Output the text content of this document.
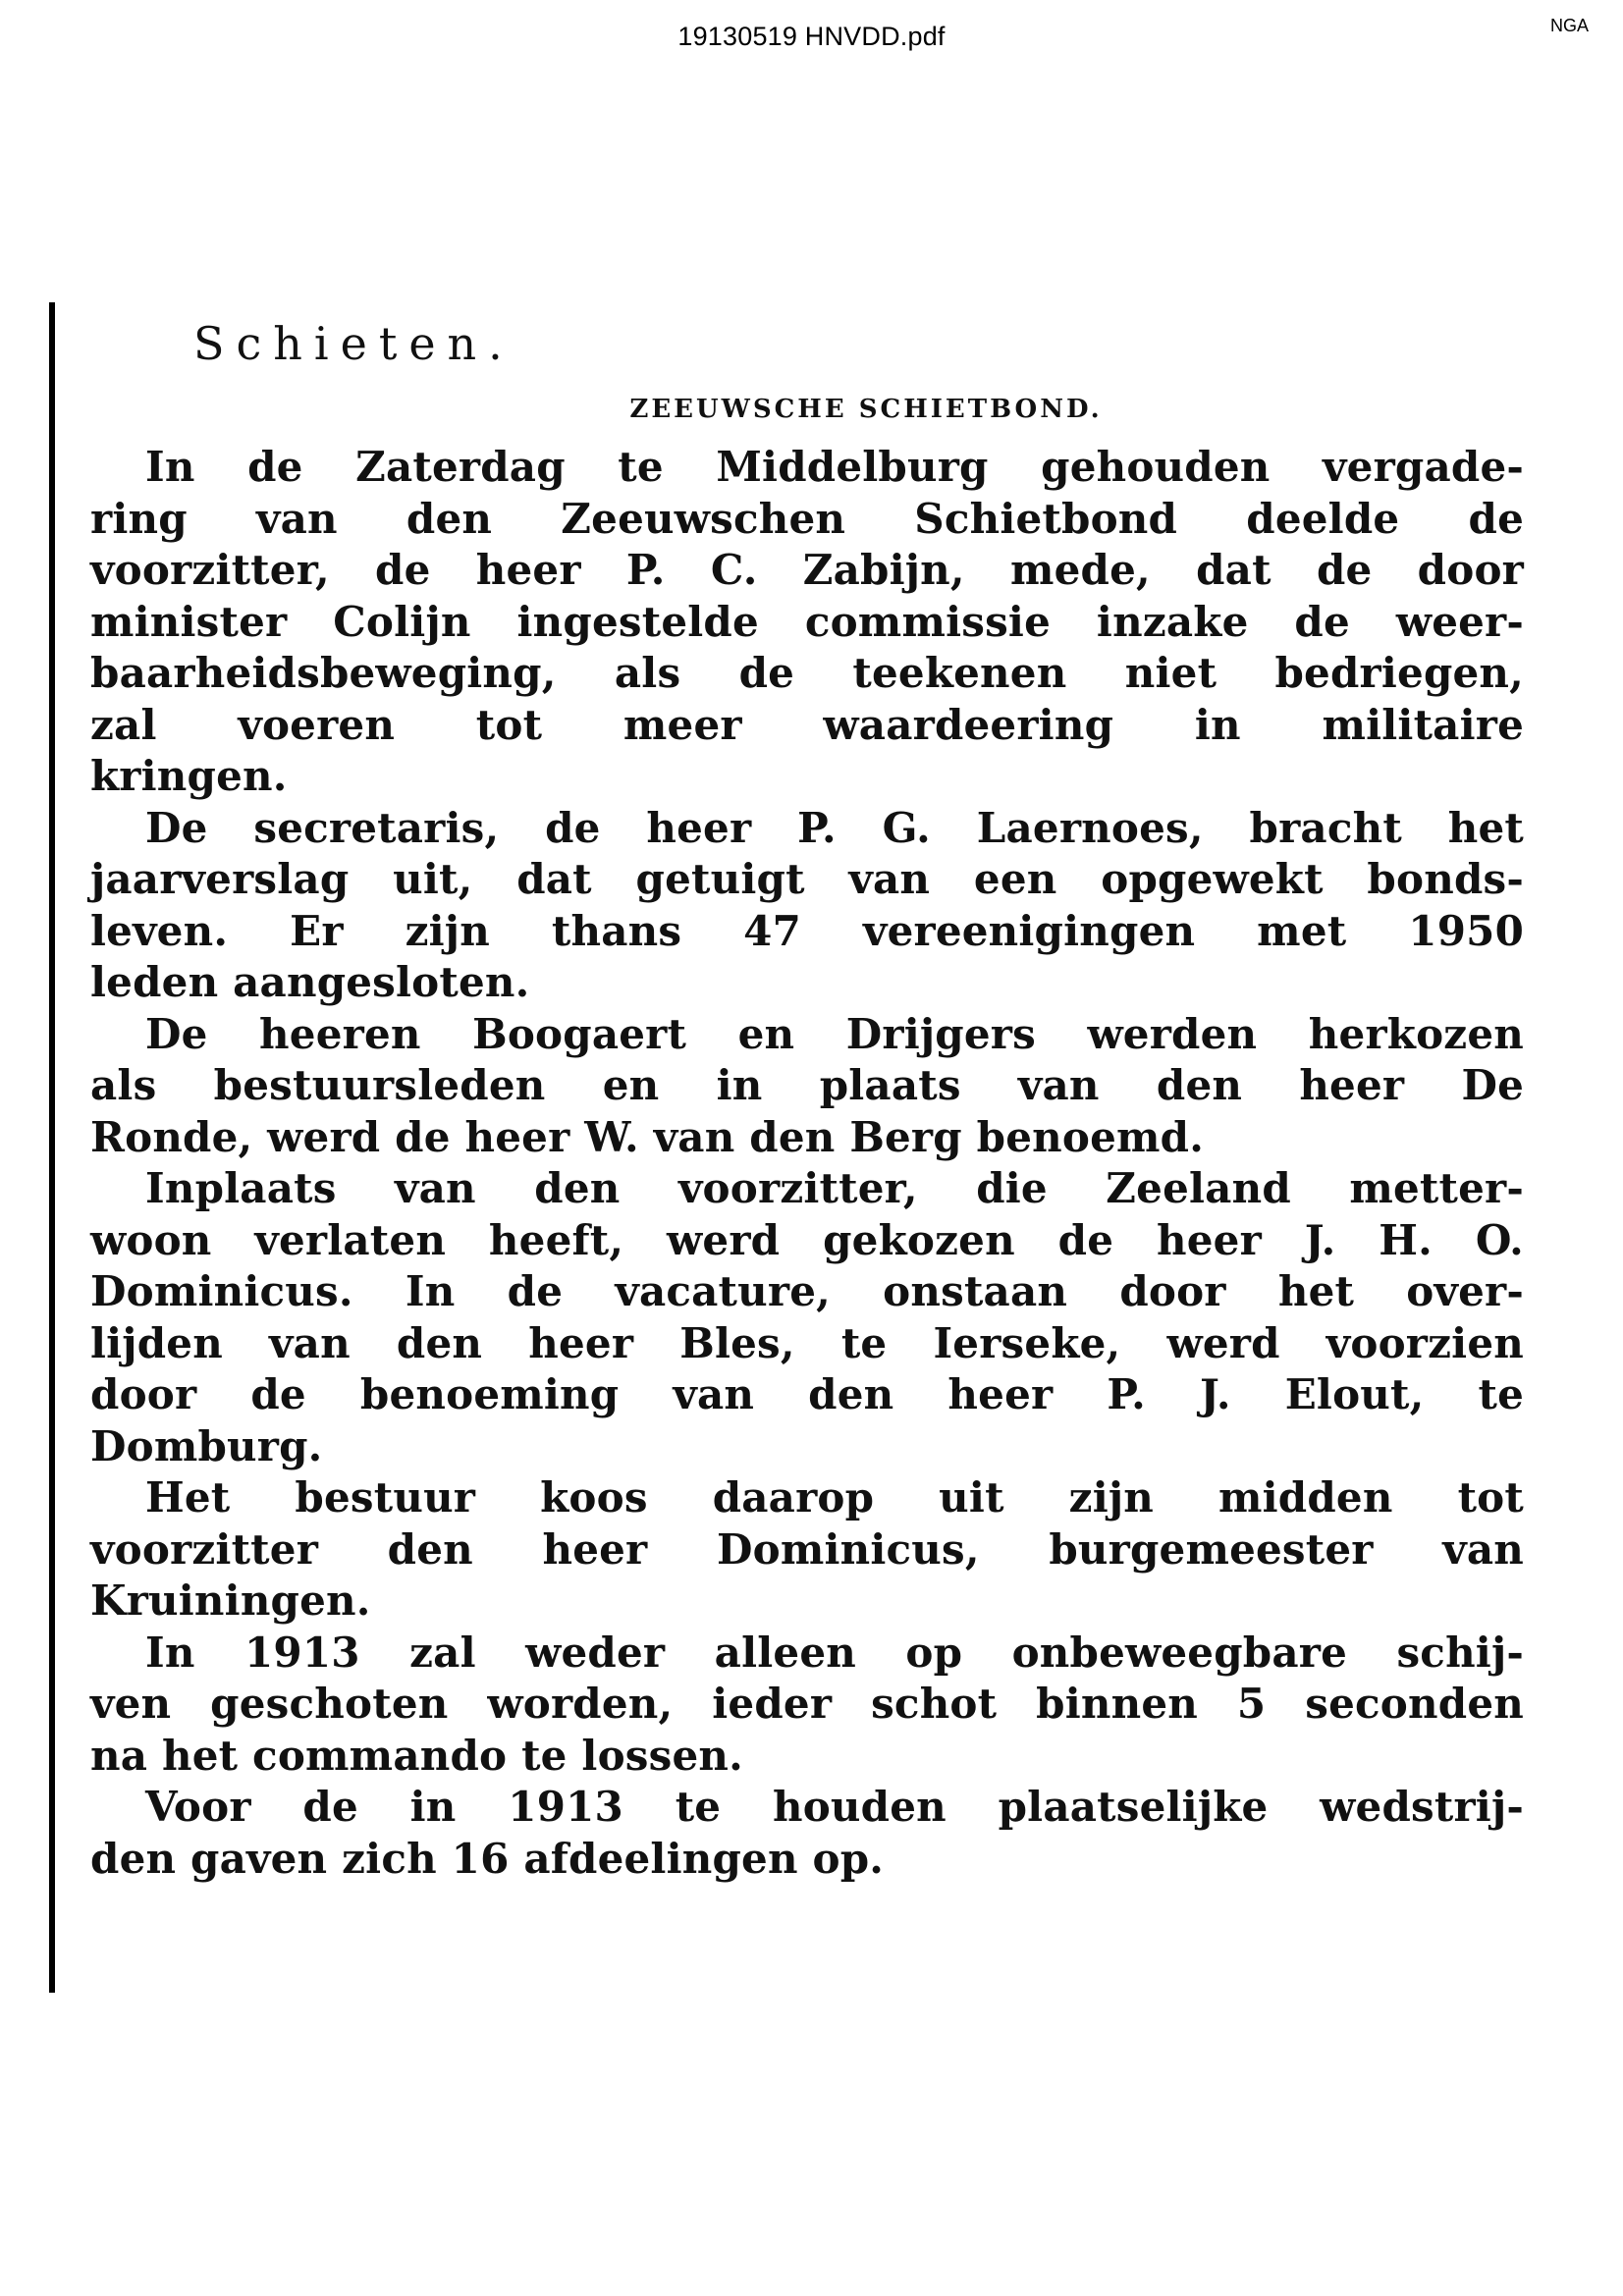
19130519 HNVDD.pdf	NGA
Schieten.
ZEEUWSCHE SCHIETBOND.

In de Zaterdag te Middelburg gehouden vergade-
ring van den Zeeuwschen Schietbond deelde de
voorzitter, de heer P. C. Zabijn, mede, dat de door
minister Colijn ingestelde commissie inzake de weer-
baarheidsbeweging, als de teekenen niet bedriegen,
zal voeren tot meer waardeering in militaire
kringen.

De secretaris, de heer P. G. Laernoes, bracht het
jaarverslag uit, dat getuigt van een opgewekt bonds-
leven. Er zijn thans 47 vereenigingen met 1950
leden aangesloten.

De heeren Boogaert en Drijgers werden herkozen
als bestuursleden en in plaats van den heer De
Ronde, werd de heer W. van den Berg benoemd.

Inplaats van den voorzitter, die Zeeland metter-
woon verlaten heeft, werd gekozen de heer J. H. O.
Dominicus. In de vacature, onstaan door het over-
lijden van den heer Bles, te Ierseke, werd voorzien
door de benoeming van den heer P. J. Elout, te
Domburg.

Het bestuur koos daarop uit zijn midden tot
voorzitter den heer Dominicus, burgemeester van
Kruiningen.

In 1913 zal weder alleen op onbeweegbare schij-
ven geschoten worden, ieder schot binnen 5 seconden
na het commando te lossen.

Voor de in 1913 te houden plaatselijke wedstrij-
den gaven zich 16 afdeelingen op.
